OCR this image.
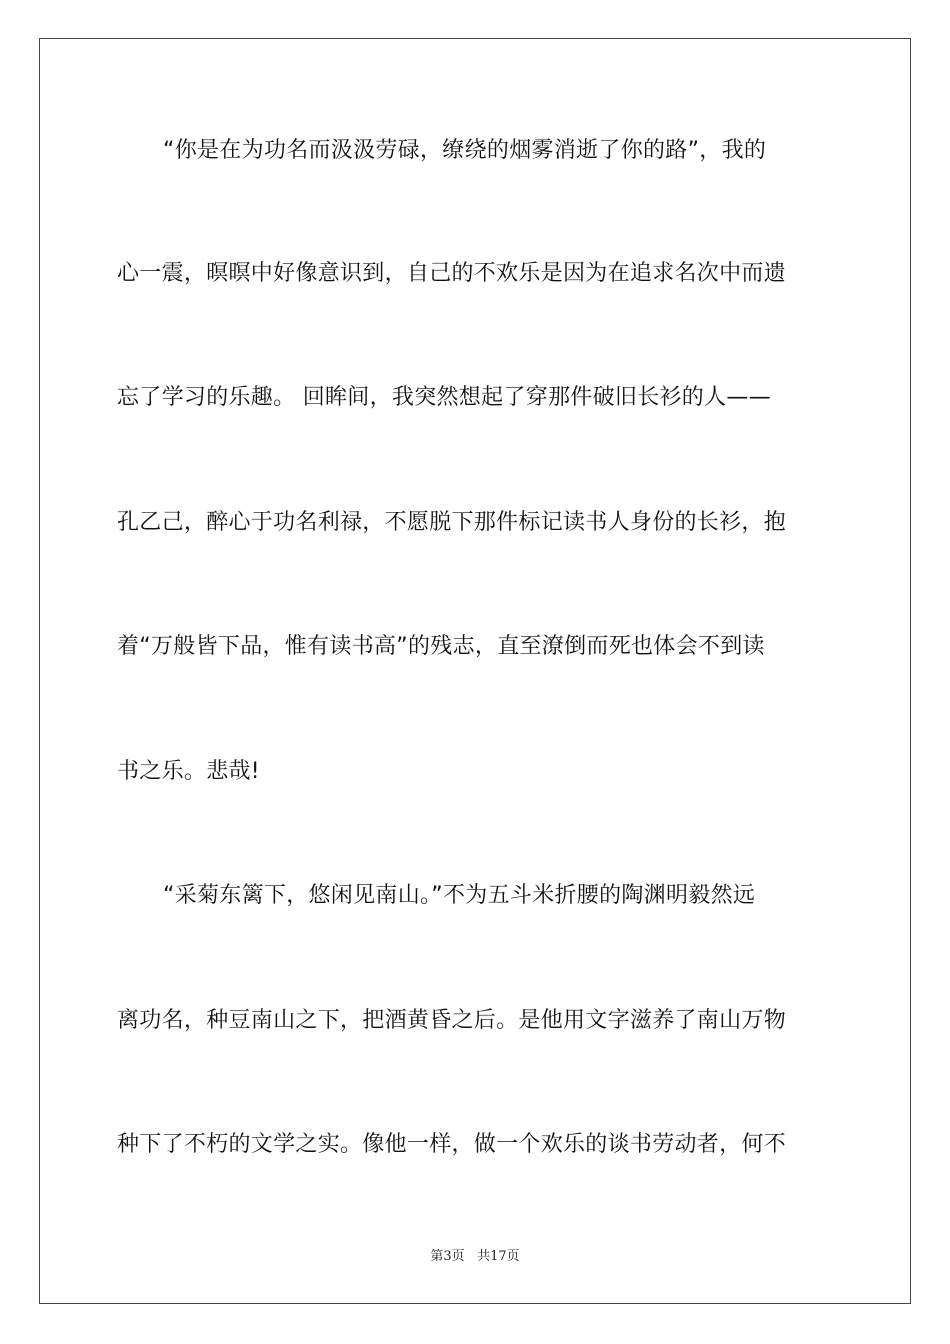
“你是在为功名而汲汲劳碌，缭绕的烟雾消逝了你的路”，我的
心一震，暝暝中好像意识到，自己的不欢乐是因为在追求名次中而遗
忘了学习的乐趣。 回眸间，我突然想起了穿那件破旧长衫的人——
孔乙己，醉心于功名利禄，不愿脱下那件标记读书人身份的长衫，抱
着“万般皆下品，惟有读书高”的残志，直至潦倒而死也体会不到读
书之乐。悲哉!
“采菊东篱下，悠闲见南山。”不为五斗米折腰的陶渊明毅然远
离功名，种豆南山之下，把酒黄昏之后。是他用文字滋养了南山万物
种下了不朽的文学之实。像他一样，做一个欢乐的谈书劳动者，何不
第3页 共17页
